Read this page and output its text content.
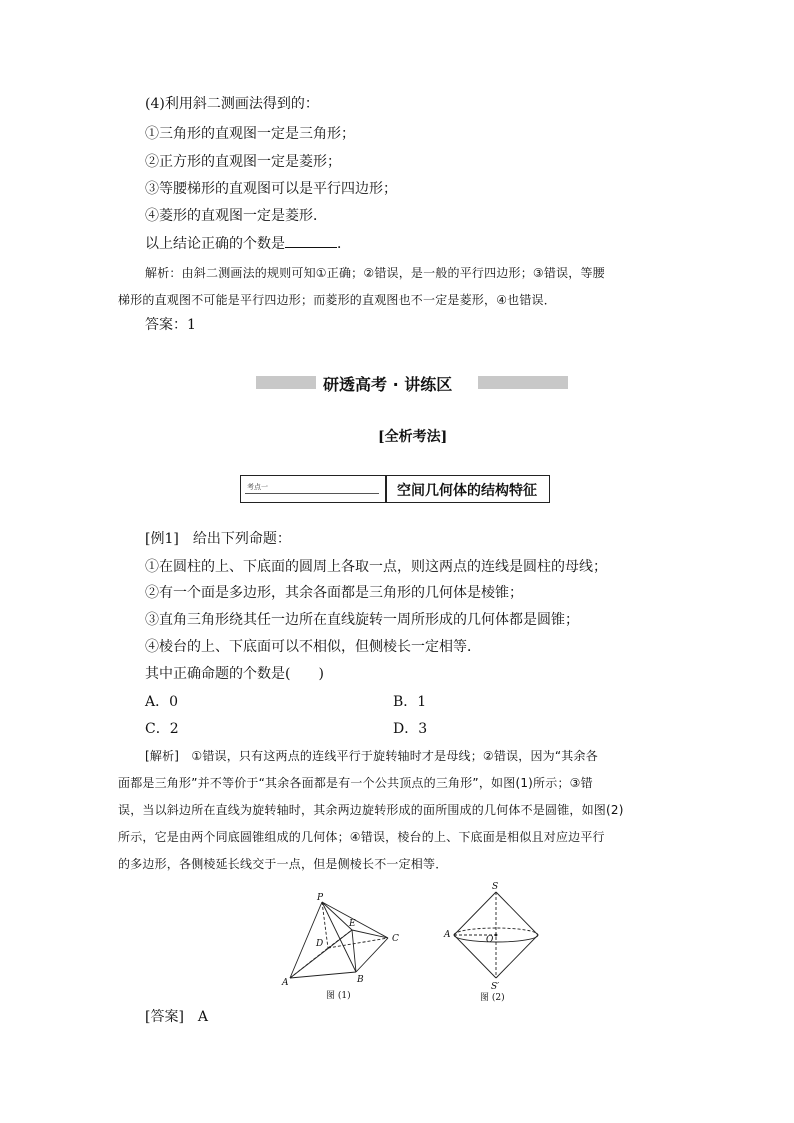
(4)利用斜二测画法得到的：
①三角形的直观图一定是三角形；
②正方形的直观图一定是菱形；
③等腰梯形的直观图可以是平行四边形；
④菱形的直观图一定是菱形．
以上结论正确的个数是	．
解析：由斜二测画法的规则可知①正确；②错误，是一般的平行四边形；③错误，等腰
梯形的直观图不可能是平行四边形；而菱形的直观图也不一定是菱形，④也错误．
答案：1
研透高考 · 讲练区
[全析考法]
考点一	空间几何体的结构特征
[例1]　给出下列命题：
①在圆柱的上、下底面的圆周上各取一点，则这两点的连线是圆柱的母线；
②有一个面是多边形，其余各面都是三角形的几何体是棱锥；
③直角三角形绕其任一边所在直线旋转一周所形成的几何体都是圆锥；
④棱台的上、下底面可以不相似，但侧棱长一定相等．
其中正确命题的个数是(　　)
A．0	B．1
C．2	D．3
[解析]　①错误，只有这两点的连线平行于旋转轴时才是母线；②错误，因为“其余各
面都是三角形”并不等价于“其余各面都是有一个公共顶点的三角形”，如图(1)所示；③错
误，当以斜边所在直线为旋转轴时，其余两边旋转形成的面所围成的几何体不是圆锥，如图(2)
所示，它是由两个同底圆锥组成的几何体；④错误，棱台的上、下底面是相似且对应边平行
的多边形，各侧棱延长线交于一点，但是侧棱长不一定相等．
P
D
E
C
A	B
图 (1)
S
O
A
S′
图 (2)
[答案]　A
